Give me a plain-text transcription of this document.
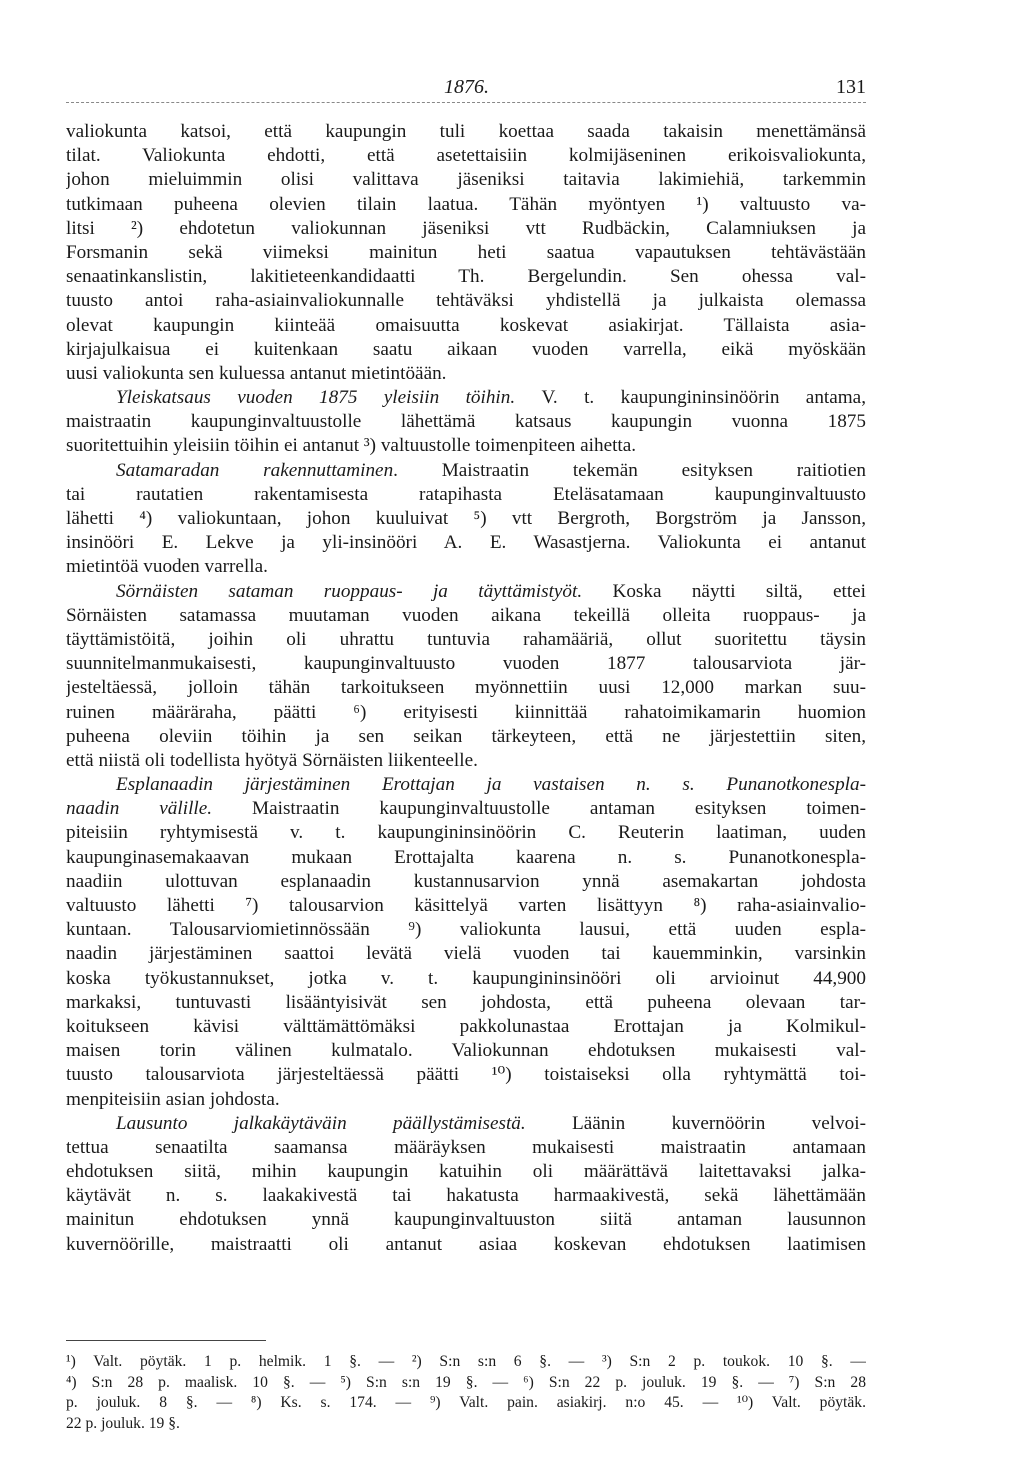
1876.	131
valiokunta katsoi, että kaupungin tuli koettaa saada takaisin menettämänsä
tilat. Valiokunta ehdotti, että asetettaisiin kolmijäseninen erikoisvaliokunta,
johon mieluimmin olisi valittava jäseniksi taitavia lakimiehiä, tarkemmin
tutkimaan puheena olevien tilain laatua. Tähän myöntyen ¹) valtuusto va-
litsi ²) ehdotetun valiokunnan jäseniksi vtt Rudbäckin, Calamniuksen ja
Forsmanin sekä viimeksi mainitun heti saatua vapautuksen tehtävästään
senaatinkanslistin, lakitieteenkandidaatti Th. Bergelundin. Sen ohessa val-
tuusto antoi raha-asiainvaliokunnalle tehtäväksi yhdistellä ja julkaista olemassa
olevat kaupungin kiinteää omaisuutta koskevat asiakirjat. Tällaista asia-
kirjajulkaisua ei kuitenkaan saatu aikaan vuoden varrella, eikä myöskään
uusi valiokunta sen kuluessa antanut mietintöään.
Yleiskatsaus vuoden 1875 yleisiin töihin. V. t. kaupungininsinöörin antama,
maistraatin kaupunginvaltuustolle lähettämä katsaus kaupungin vuonna 1875
suoritettuihin yleisiin töihin ei antanut ³) valtuustolle toimenpiteen aihetta.
Satamaradan rakennuttaminen. Maistraatin tekemän esityksen raitiotien
tai rautatien rakentamisesta ratapihasta Eteläsatamaan kaupunginvaltuusto
lähetti ⁴) valiokuntaan, johon kuuluivat ⁵) vtt Bergroth, Borgström ja Jansson,
insinööri E. Lekve ja yli-insinööri A. E. Wasastjerna. Valiokunta ei antanut
mietintöä vuoden varrella.
Sörnäisten sataman ruoppaus- ja täyttämistyöt. Koska näytti siltä, ettei
Sörnäisten satamassa muutaman vuoden aikana tekeillä olleita ruoppaus- ja
täyttämistöitä, joihin oli uhrattu tuntuvia rahamääriä, ollut suoritettu täysin
suunnitelmanmukaisesti, kaupunginvaltuusto vuoden 1877 talousarviota jär-
jesteltäessä, jolloin tähän tarkoitukseen myönnettiin uusi 12,000 markan suu-
ruinen määräraha, päätti ⁶) erityisesti kiinnittää rahatoimikamarin huomion
puheena oleviin töihin ja sen seikan tärkeyteen, että ne järjestettiin siten,
että niistä oli todellista hyötyä Sörnäisten liikenteelle.
Esplanaadin järjestäminen Erottajan ja vastaisen n. s. Punanotkonespla-
naadin välille. Maistraatin kaupunginvaltuustolle antaman esityksen toimen-
piteisiin ryhtymisestä v. t. kaupungininsinöörin C. Reuterin laatiman, uuden
kaupunginasemakaavan mukaan Erottajalta kaarena n. s. Punanotkonespla-
naadiin ulottuvan esplanaadin kustannusarvion ynnä asemakartan johdosta
valtuusto lähetti ⁷) talousarvion käsittelyä varten lisättyyn ⁸) raha-asiainvalio-
kuntaan. Talousarviomietinnössään ⁹) valiokunta lausui, että uuden espla-
naadin järjestäminen saattoi levätä vielä vuoden tai kauemminkin, varsinkin
koska työkustannukset, jotka v. t. kaupungininsinööri oli arvioinut 44,900
markaksi, tuntuvasti lisääntyisivät sen johdosta, että puheena olevaan tar-
koitukseen kävisi välttämättömäksi pakkolunastaa Erottajan ja Kolmikul-
maisen torin välinen kulmatalo. Valiokunnan ehdotuksen mukaisesti val-
tuusto talousarviota järjesteltäessä päätti ¹⁰) toistaiseksi olla ryhtymättä toi-
menpiteisiin asian johdosta.
Lausunto jalkakäytäväin päällystämisestä. Läänin kuvernöörin velvoi-
tettua senaatilta saamansa määräyksen mukaisesti maistraatin antamaan
ehdotuksen siitä, mihin kaupungin katuihin oli määrättävä laitettavaksi jalka-
käytävät n. s. laakakivestä tai hakatusta harmaakivestä, sekä lähettämään
mainitun ehdotuksen ynnä kaupunginvaltuuston siitä antaman lausunnon
kuvernöörille, maistraatti oli antanut asiaa koskevan ehdotuksen laatimisen
¹) Valt. pöytäk. 1 p. helmik. 1 §. — ²) S:n s:n 6 §. — ³) S:n 2 p. toukok. 10 §. —
⁴) S:n 28 p. maalisk. 10 §. — ⁵) S:n s:n 19 §. — ⁶) S:n 22 p. jouluk. 19 §. — ⁷) S:n 28
p. jouluk. 8 §. — ⁸) Ks. s. 174. — ⁹) Valt. pain. asiakirj. n:o 45. — ¹⁰) Valt. pöytäk.
22 p. jouluk. 19 §.
